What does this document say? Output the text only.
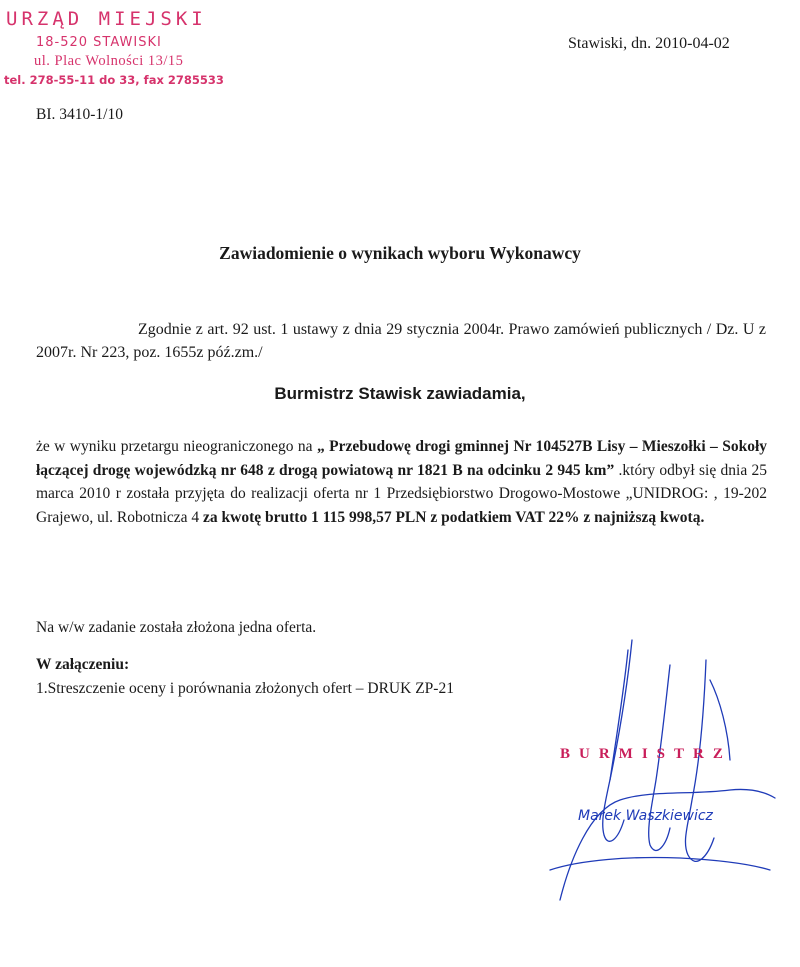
URZĄD MIEJSKI
18-520 STAWISKI
ul. Plac Wolności 13/15
tel. 278-55-11 do 33, fax 2785533
Stawiski, dn. 2010-04-02
BI. 3410-1/10
Zawiadomienie o wynikach wyboru Wykonawcy
Zgodnie z art. 92 ust. 1 ustawy z dnia 29 stycznia 2004r. Prawo zamówień publicznych / Dz. U z 2007r. Nr 223, poz. 1655z póź.zm./
Burmistrz Stawisk zawiadamia,
że w wyniku przetargu nieograniczonego na „ Przebudowę drogi gminnej Nr 104527B Lisy – Mieszołki – Sokoły łączącej drogę wojewódzką nr 648 z drogą powiatową nr 1821 B na odcinku 2 945 km” .który odbył się dnia 25 marca 2010 r została przyjęta do realizacji oferta nr 1 Przedsiębiorstwo Drogowo-Mostowe „UNIDROG: , 19-202 Grajewo, ul. Robotnicza 4 za kwotę brutto 1 115 998,57 PLN z podatkiem VAT 22% z najniższą kwotą.
Na w/w zadanie została złożona jedna oferta.
W załączeniu:
1.Streszczenie oceny i porównania złożonych ofert – DRUK ZP-21
BURMISTRZ
Marek Waszkiewicz
